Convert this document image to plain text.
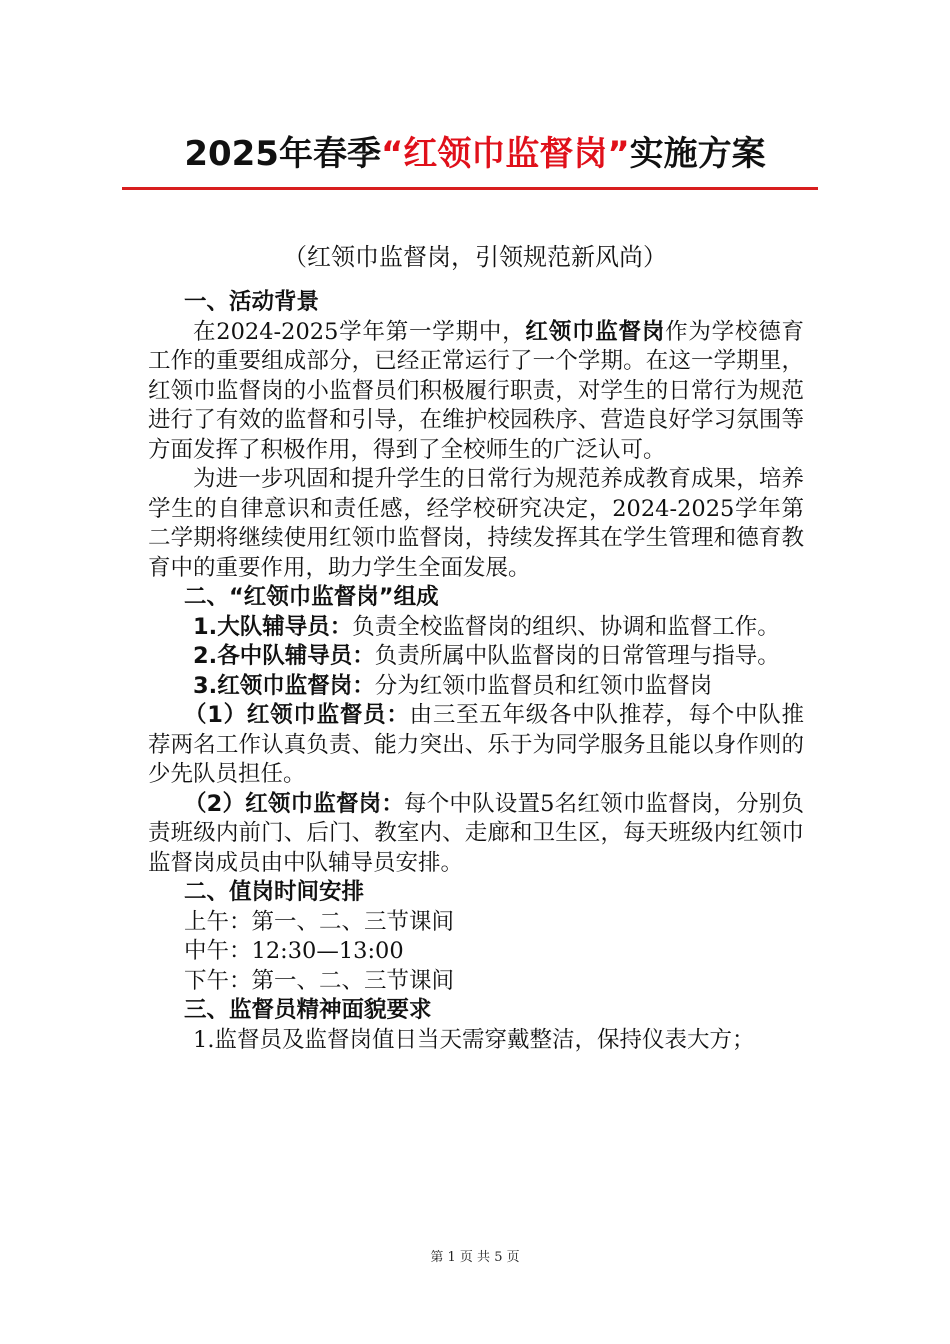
2025年春季“红领巾监督岗”实施方案
（红领巾监督岗，引领规范新风尚）

一、活动背景

在2024-2025学年第一学期中，红领巾监督岗作为学校德育工作的重要组成部分，已经正常运行了一个学期。在这一学期里，红领巾监督岗的小监督员们积极履行职责，对学生的日常行为规范进行了有效的监督和引导，在维护校园秩序、营造良好学习氛围等方面发挥了积极作用，得到了全校师生的广泛认可。

为进一步巩固和提升学生的日常行为规范养成教育成果，培养学生的自律意识和责任感，经学校研究决定，2024-2025学年第二学期将继续使用红领巾监督岗，持续发挥其在学生管理和德育教育中的重要作用，助力学生全面发展。

二、“红领巾监督岗”组成

1.大队辅导员：负责全校监督岗的组织、协调和监督工作。

2.各中队辅导员：负责所属中队监督岗的日常管理与指导。

3.红领巾监督岗：分为红领巾监督员和红领巾监督岗

（1）红领巾监督员：由三至五年级各中队推荐，每个中队推荐两名工作认真负责、能力突出、乐于为同学服务且能以身作则的少先队员担任。

（2）红领巾监督岗：每个中队设置5名红领巾监督岗，分别负责班级内前门、后门、教室内、走廊和卫生区，每天班级内红领巾监督岗成员由中队辅导员安排。

二、值岗时间安排

上午：第一、二、三节课间

中午：12:30—13:00

下午：第一、二、三节课间

三、监督员精神面貌要求

1.监督员及监督岗值日当天需穿戴整洁，保持仪表大方；

第 1 页 共 5 页
